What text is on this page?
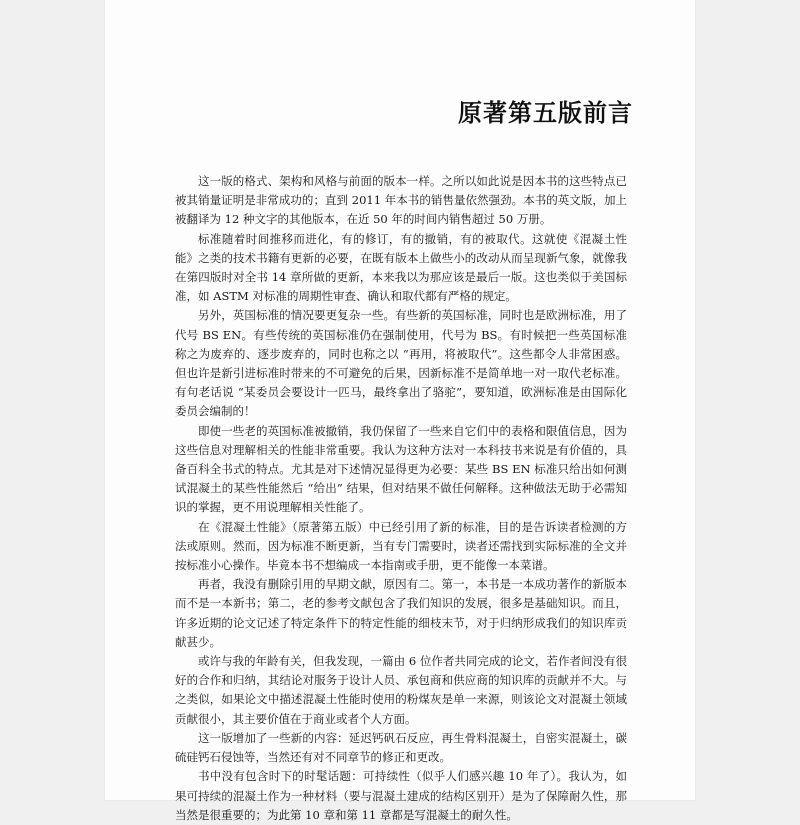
原著第五版前言

这一版的格式、架构和风格与前面的版本一样。之所以如此说是因本书的这些特点已被其销量证明是非常成功的；直到 2011 年本书的销售量依然强劲。本书的英文版，加上被翻译为 12 种文字的其他版本，在近 50 年的时间内销售超过 50 万册。

标准随着时间推移而进化，有的修订，有的撤销，有的被取代。这就使《混凝土性能》之类的技术书籍有更新的必要，在既有版本上做些小的改动从而呈现新气象，就像我在第四版时对全书 14 章所做的更新，本来我以为那应该是最后一版。这也类似于美国标准，如 ASTM 对标准的周期性审查、确认和取代都有严格的规定。

另外，英国标准的情况要更复杂一些。有些新的英国标准，同时也是欧洲标准，用了代号 BS EN。有些传统的英国标准仍在强制使用，代号为 BS。有时候把一些英国标准称之为废弃的、逐步废弃的，同时也称之以 “再用，将被取代”。这些都令人非常困惑。但也许是新引进标准时带来的不可避免的后果，因新标准不是简单地一对一取代老标准。有句老话说 “某委员会要设计一匹马，最终拿出了骆驼”，要知道，欧洲标准是由国际化委员会编制的！

即使一些老的英国标准被撤销，我仍保留了一些来自它们中的表格和限值信息，因为这些信息对理解相关的性能非常重要。我认为这种方法对一本科技书来说是有价值的，具备百科全书式的特点。尤其是对下述情况显得更为必要：某些 BS EN 标准只给出如何测试混凝土的某些性能然后 “给出” 结果，但对结果不做任何解释。这种做法无助于必需知识的掌握，更不用说理解相关性能了。

在《混凝土性能》（原著第五版）中已经引用了新的标准，目的是告诉读者检测的方法或原则。然而，因为标准不断更新，当有专门需要时，读者还需找到实际标准的全文并按标准小心操作。毕竟本书不想编成一本指南或手册，更不能像一本菜谱。

再者，我没有删除引用的早期文献，原因有二。第一，本书是一本成功著作的新版本而不是一本新书；第二，老的参考文献包含了我们知识的发展，很多是基础知识。而且，许多近期的论文记述了特定条件下的特定性能的细枝末节，对于归纳形成我们的知识库贡献甚少。

或许与我的年龄有关，但我发现，一篇由 6 位作者共同完成的论文，若作者间没有很好的合作和归纳，其结论对服务于设计人员、承包商和供应商的知识库的贡献并不大。与之类似，如果论文中描述混凝土性能时使用的粉煤灰是单一来源，则该论文对混凝土领域贡献很小，其主要价值在于商业或者个人方面。

这一版增加了一些新的内容：延迟钙矾石反应，再生骨料混凝土，自密实混凝土，碳硫硅钙石侵蚀等，当然还有对不同章节的修正和更改。

书中没有包含时下的时髦话题：可持续性（似乎人们感兴趣 10 年了）。我认为，如果可持续的混凝土作为一种材料（要与混凝土建成的结构区别开）是为了保障耐久性，那当然是很重要的；为此第 10 章和第 11 章都是写混凝土的耐久性。
